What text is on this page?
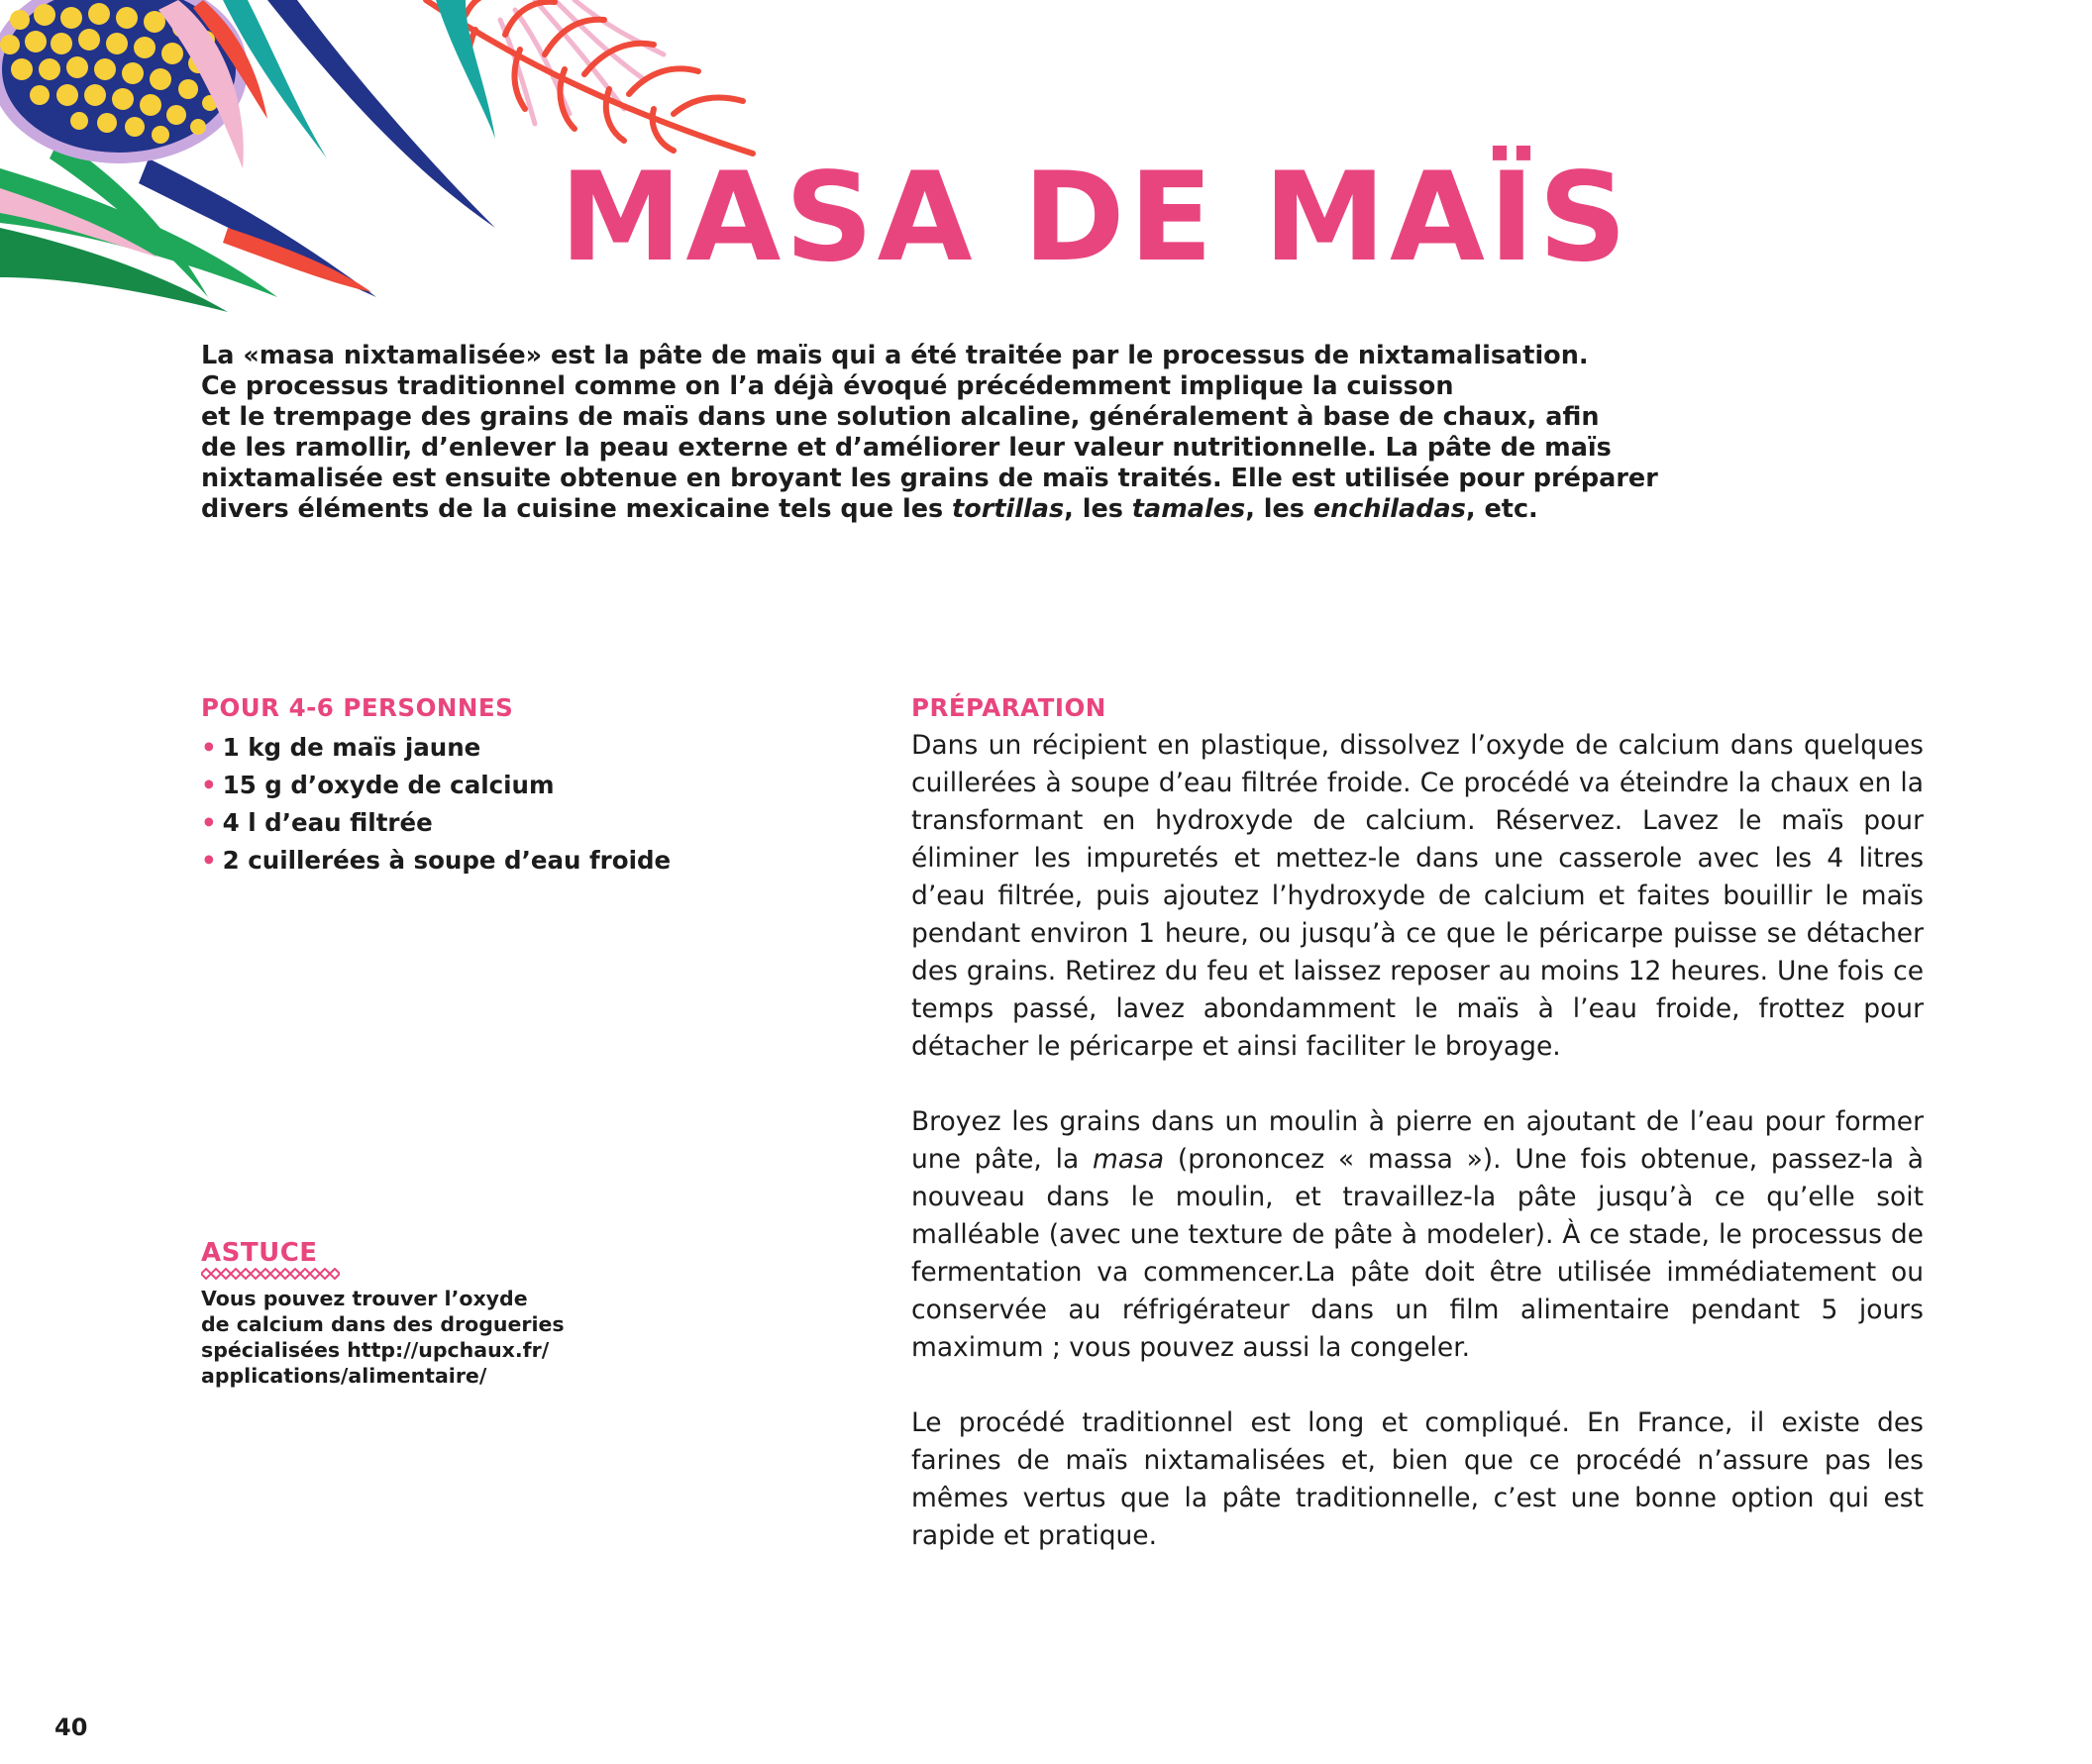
MASA DE MAÏS

La «masa nixtamalisée» est la pâte de maïs qui a été traitée par le processus de nixtamalisation.
Ce processus traditionnel comme on l’a déjà évoqué précédemment implique la cuisson
et le trempage des grains de maïs dans une solution alcaline, généralement à base de chaux, afin
de les ramollir, d’enlever la peau externe et d’améliorer leur valeur nutritionnelle. La pâte de maïs
nixtamalisée est ensuite obtenue en broyant les grains de maïs traités. Elle est utilisée pour préparer
divers éléments de la cuisine mexicaine tels que les tortillas, les tamales, les enchiladas, etc.

POUR 4-6 PERSONNES
• 1 kg de maïs jaune
• 15 g d’oxyde de calcium
• 4 l d’eau filtrée
• 2 cuillerées à soupe d’eau froide
ASTUCE

Vous pouvez trouver l’oxyde
de calcium dans des drogueries
spécialisées http://upchaux.fr/
applications/alimentaire/

PRÉPARATION

Dans un récipient en plastique, dissolvez l’oxyde de calcium dans quelques cuillerées à soupe d’eau filtrée froide. Ce procédé va éteindre la chaux en la transformant en hydroxyde de calcium. Réservez. Lavez le maïs pour éliminer les impuretés et mettez-le dans une casserole avec les 4 litres d’eau filtrée, puis ajoutez l’hydroxyde de calcium et faites bouillir le maïs pendant environ 1 heure, ou jusqu’à ce que le péricarpe puisse se détacher des grains. Retirez du feu et laissez reposer au moins 12 heures. Une fois ce temps passé, lavez abondamment le maïs à l’eau froide, frottez pour détacher le péricarpe et ainsi faciliter le broyage.

Broyez les grains dans un moulin à pierre en ajoutant de l’eau pour former une pâte, la masa (prononcez « massa »). Une fois obtenue, passez-la à nouveau dans le moulin, et travaillez-la pâte jusqu’à ce qu’elle soit malléable (avec une texture de pâte à modeler). À ce stade, le processus de fermentation va commencer.La pâte doit être utilisée immédiatement ou conservée au réfrigérateur dans un film alimentaire pendant 5 jours maximum ; vous pouvez aussi la congeler.

Le procédé traditionnel est long et compliqué. En France, il existe des farines de maïs nixtamalisées et, bien que ce procédé n’assure pas les mêmes vertus que la pâte traditionnelle, c’est une bonne option qui est rapide et pratique.

40
